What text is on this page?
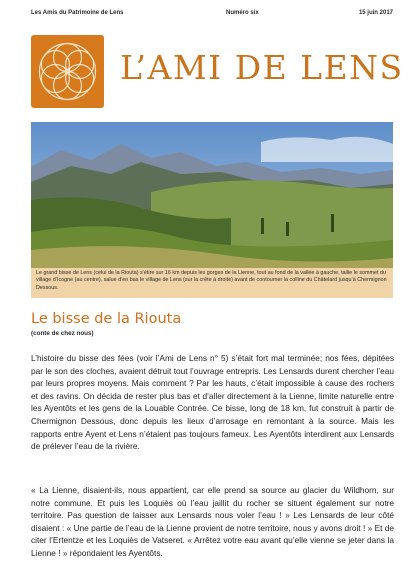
Les Amis du Patrimoine de Lens	Numéro six	15 juin 2017
L’AMI DE LENS
Le grand bisse de Lens (celui de la Riouta) s’étire sur 16 km depuis les gorges de la Lienne, tout au fond de la vallée à gauche, taille le sommet du village d’Icogne (au centre), salue d’en bas le village de Lens (sur la crête à droite) avant de contourner la colline du Châtelard jusqu’à Chermignon Dessous.
Le bisse de la Riouta
(conte de chez nous)
L’histoire du bisse des fées (voir l’Ami de Lens n° 5) s’était fort mal terminée; nos fées, dépitées par le son des cloches, avaient détruit tout l’ouvrage entrepris. Les Lensards durent chercher l’eau par leurs propres moyens. Mais comment ? Par les hauts, c’était impossible à cause des rochers et des ravins. On décida de rester plus bas et d’aller directement à la Lienne, limite naturelle entre les Ayentôts et les gens de la Louable Contrée. Ce bisse, long de 18 km, fut construit à partir de Chermignon Dessous, donc depuis les lieux d’arrosage en remontant à la source. Mais les rapports entre Ayent et Lens n’étaient pas toujours fameux. Les Ayentôts interdirent aux Lensards de prélever l’eau de la rivière.
« La Lienne, disaient-ils, nous appartient, car elle prend sa source au glacier du Wildhorn, sur notre commune. Et puis les Loquiès où l’eau jaillit du rocher se situent également sur notre territoire. Pas question de laisser aux Lensards nous voler l’eau ! » Les Lensards de leur côté disaient : « Une partie de l’eau de la Lienne provient de notre territoire, nous y avons droit ! » Et de citer l’Ertentze et les Loquiès de Vatseret. « Arrêtez votre eau avant qu’elle vienne se jeter dans la Lienne ! » répondaient les Ayentôts.
